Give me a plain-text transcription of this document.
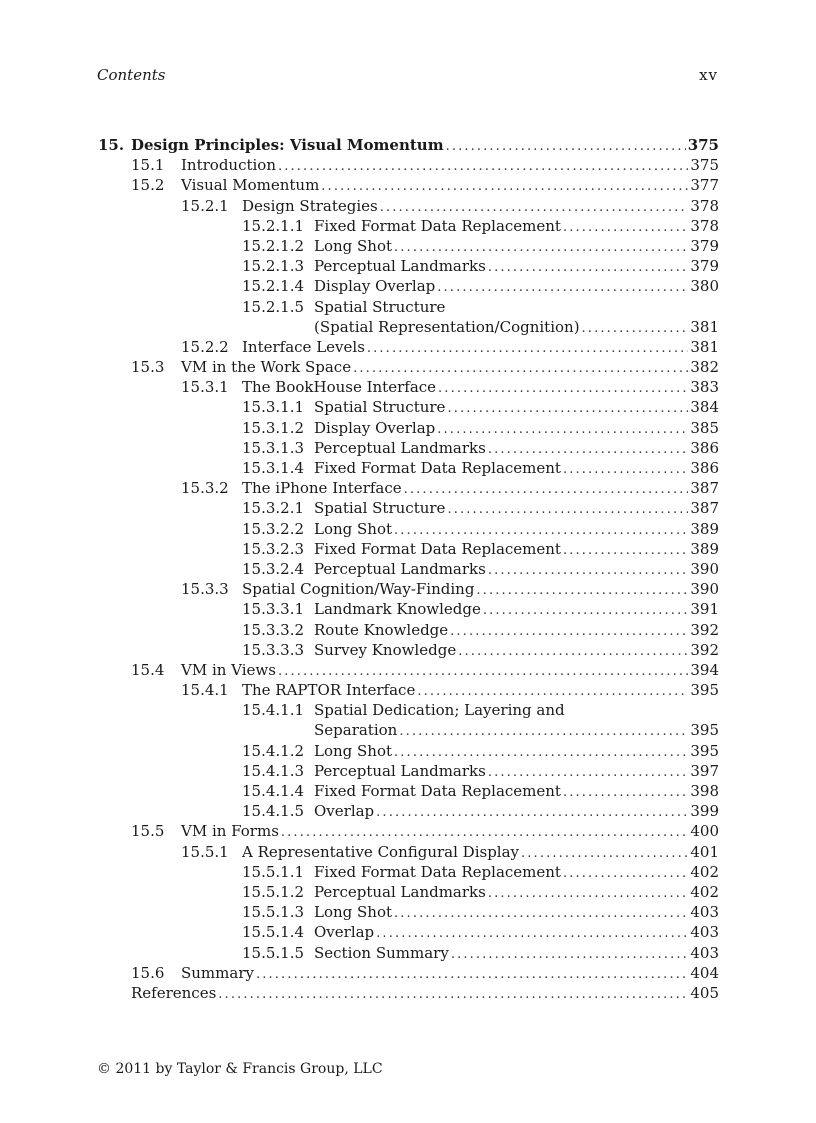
Contents	xv
15. Design Principles: Visual Momentum . . .	375
15.1 Introduction . . .	375
15.2 Visual Momentum . . .	377
15.2.1 Design Strategies . . .	378
15.2.1.1 Fixed Format Data Replacement . . .	378
15.2.1.2 Long Shot . . .	379
15.2.1.3 Perceptual Landmarks . . .	379
15.2.1.4 Display Overlap . . .	380
15.2.1.5 Spatial Structure
(Spatial Representation/Cognition) . . .	381
15.2.2 Interface Levels . . .	381
15.3 VM in the Work Space . . .	382
15.3.1 The BookHouse Interface . . .	383
15.3.1.1 Spatial Structure . . .	384
15.3.1.2 Display Overlap . . .	385
15.3.1.3 Perceptual Landmarks . . .	386
15.3.1.4 Fixed Format Data Replacement . . .	386
15.3.2 The iPhone Interface . . .	387
15.3.2.1 Spatial Structure . . .	387
15.3.2.2 Long Shot . . .	389
15.3.2.3 Fixed Format Data Replacement . . .	389
15.3.2.4 Perceptual Landmarks . . .	390
15.3.3 Spatial Cognition/Way-Finding . . .	390
15.3.3.1 Landmark Knowledge . . .	391
15.3.3.2 Route Knowledge . . .	392
15.3.3.3 Survey Knowledge . . .	392
15.4 VM in Views . . .	394
15.4.1 The RAPTOR Interface . . .	395
15.4.1.1 Spatial Dedication; Layering and
Separation . . .	395
15.4.1.2 Long Shot . . .	395
15.4.1.3 Perceptual Landmarks . . .	397
15.4.1.4 Fixed Format Data Replacement . . .	398
15.4.1.5 Overlap . . .	399
15.5 VM in Forms . . .	400
15.5.1 A Representative Configural Display . . .	401
15.5.1.1 Fixed Format Data Replacement . . .	402
15.5.1.2 Perceptual Landmarks . . .	402
15.5.1.3 Long Shot . . .	403
15.5.1.4 Overlap . . .	403
15.5.1.5 Section Summary . . .	403
15.6 Summary . . .	404
References . . .	405
© 2011 by Taylor & Francis Group, LLC
